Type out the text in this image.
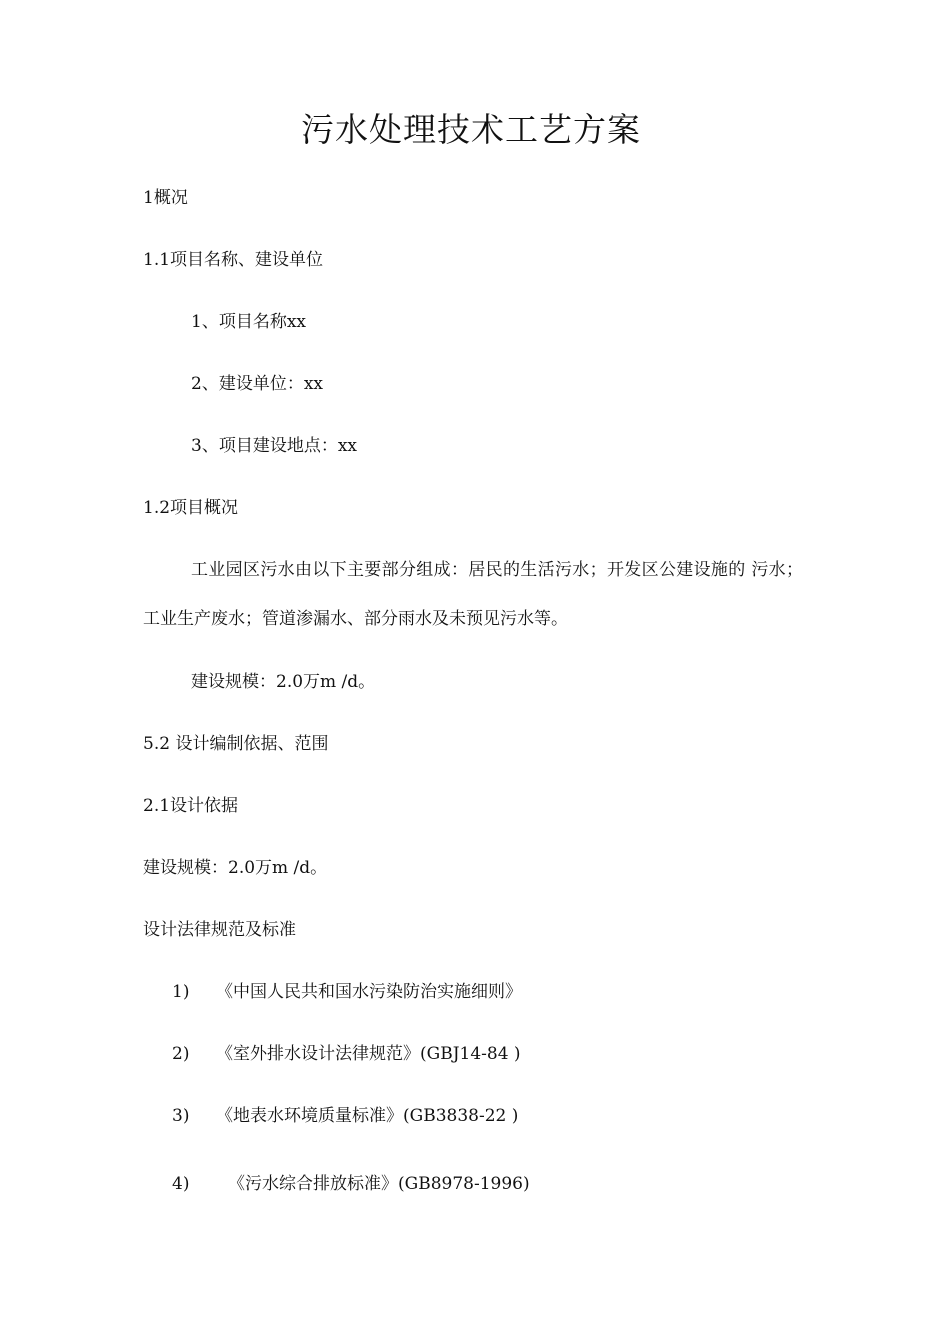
污水处理技术工艺方案
1概况
1.1项目名称、建设单位
1、项目名称xx
2、建设单位：xx
3、项目建设地点：xx
1.2项目概况
工业园区污水由以下主要部分组成：居民的生活污水；开发区公建设施的 污水；工业生产废水；管道渗漏水、部分雨水及未预见污水等。
建设规模：2.0万m /d。
5.2 设计编制依据、范围
2.1设计依据
建设规模：2.0万m /d。
设计法律规范及标准
1) 《中国人民共和国水污染防治实施细则》
2) 《室外排水设计法律规范》(GBJ14-84 )
3) 《地表水环境质量标准》(GB3838-22 )
4) 《污水综合排放标准》(GB8978-1996)
